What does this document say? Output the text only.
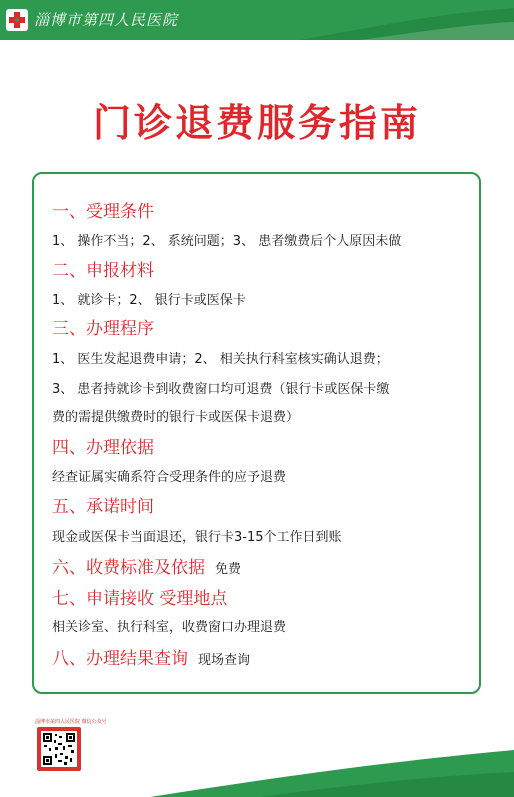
淄博市第四人民医院
门诊退费服务指南
一、受理条件
1、 操作不当；2、 系统问题；3、 患者缴费后个人原因未做
二、申报材料
1、 就诊卡；2、 银行卡或医保卡
三、办理程序
1、 医生发起退费申请；2、 相关执行科室核实确认退费；
3、 患者持就诊卡到收费窗口均可退费（银行卡或医保卡缴
费的需提供缴费时的银行卡或医保卡退费）
四、办理依据
经查证属实确系符合受理条件的应予退费
五、承诺时间
现金或医保卡当面退还，银行卡3-15个工作日到账
六、收费标准及依据 免费
七、申请接收 受理地点
相关诊室、执行科室，收费窗口办理退费
八、办理结果查询 现场查询
淄博市第四人民医院 微信公众号
